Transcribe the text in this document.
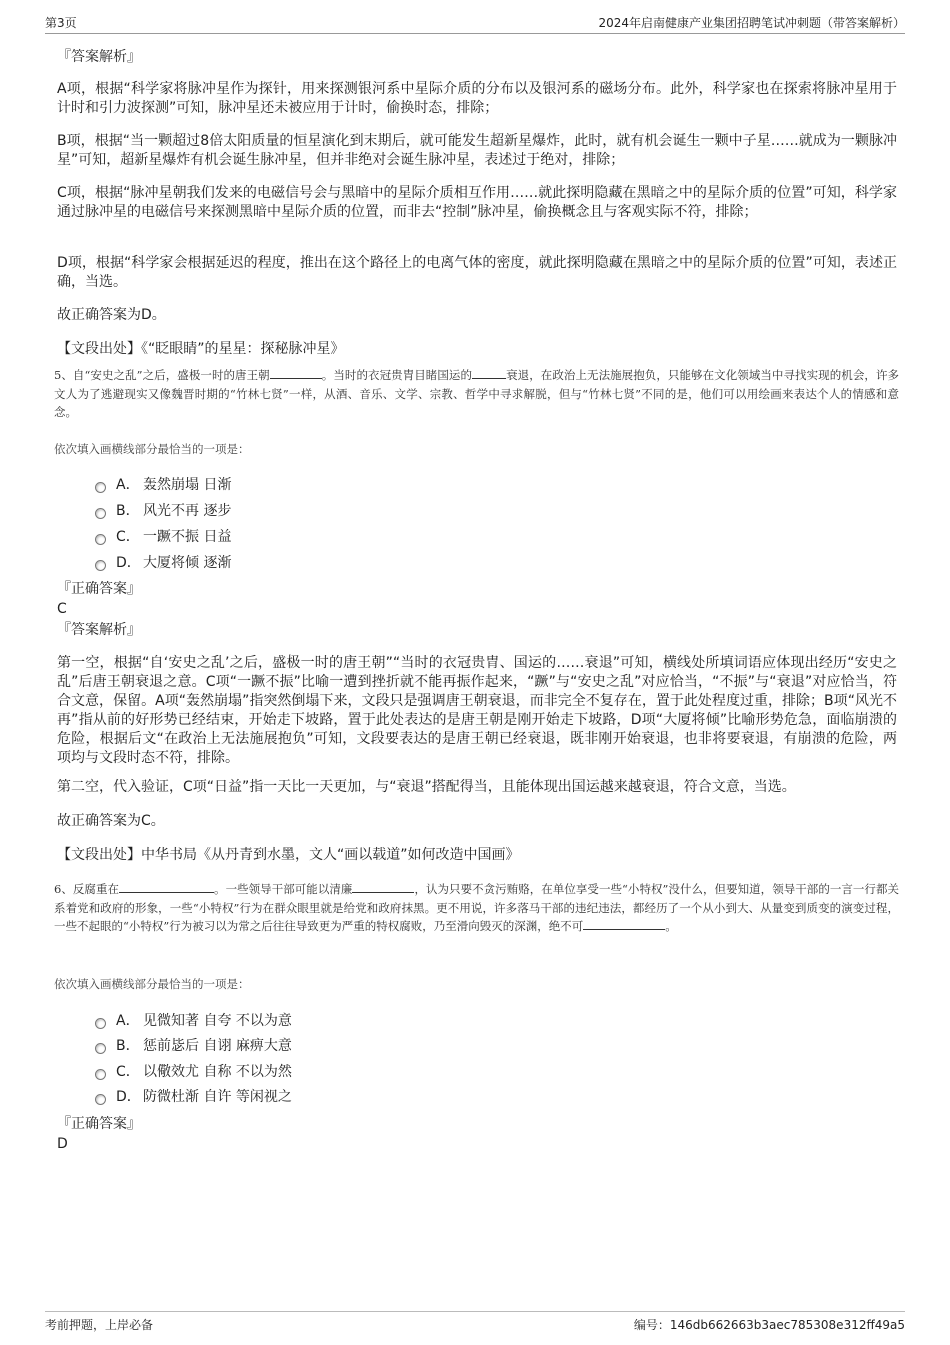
第3页	2024年启南健康产业集团招聘笔试冲刺题（带答案解析）
『答案解析』
A项，根据“科学家将脉冲星作为探针，用来探测银河系中星际介质的分布以及银河系的磁场分布。此外，科学家也在探索将脉冲星用于计时和引力波探测”可知，脉冲星还未被应用于计时，偷换时态，排除；
B项，根据“当一颗超过8倍太阳质量的恒星演化到末期后，就可能发生超新星爆炸，此时，就有机会诞生一颗中子星……就成为一颗脉冲星”可知，超新星爆炸有机会诞生脉冲星，但并非绝对会诞生脉冲星，表述过于绝对，排除；
C项，根据“脉冲星朝我们发来的电磁信号会与黑暗中的星际介质相互作用……就此探明隐藏在黑暗之中的星际介质的位置”可知，科学家通过脉冲星的电磁信号来探测黑暗中星际介质的位置，而非去“控制”脉冲星，偷换概念且与客观实际不符，排除；
D项，根据“科学家会根据延迟的程度，推出在这个路径上的电离气体的密度，就此探明隐藏在黑暗之中的星际介质的位置”可知，表述正确，当选。
故正确答案为D。
【文段出处】《“眨眼睛”的星星：探秘脉冲星》
5、自“安史之乱”之后，盛极一时的唐王朝	。当时的衣冠贵胄目睹国运的	衰退，在政治上无法施展抱负，只能够在文化领域当中寻找实现的机会，许多文人为了逃避现实又像魏晋时期的“竹林七贤”一样，从酒、音乐、文学、宗教、哲学中寻求解脱，但与“竹林七贤”不同的是，他们可以用绘画来表达个人的情感和意念。
依次填入画横线部分最恰当的一项是：
A． 轰然崩塌 日渐
B． 风光不再 逐步
C． 一蹶不振 日益
D． 大厦将倾 逐渐
『正确答案』
C
『答案解析』
第一空，根据“自‘安史之乱’之后，盛极一时的唐王朝”“当时的衣冠贵胄、国运的……衰退”可知，横线处所填词语应体现出经历“安史之乱”后唐王朝衰退之意。C项“一蹶不振”比喻一遭到挫折就不能再振作起来，“蹶”与“安史之乱”对应恰当，“不振”与“衰退”对应恰当，符合文意，保留。A项“轰然崩塌”指突然倒塌下来，文段只是强调唐王朝衰退，而非完全不复存在，置于此处程度过重，排除；B项“风光不再”指从前的好形势已经结束，开始走下坡路，置于此处表达的是唐王朝是刚开始走下坡路，D项“大厦将倾”比喻形势危急，面临崩溃的危险，根据后文“在政治上无法施展抱负”可知，文段要表达的是唐王朝已经衰退，既非刚开始衰退，也非将要衰退，有崩溃的危险，两项均与文段时态不符，排除。
第二空，代入验证，C项“日益”指一天比一天更加，与“衰退”搭配得当，且能体现出国运越来越衰退，符合文意，当选。
故正确答案为C。
【文段出处】中华书局《从丹青到水墨，文人“画以载道”如何改造中国画》
6、反腐重在	。一些领导干部可能以清廉	，认为只要不贪污贿赂，在单位享受一些“小特权”没什么，但要知道，领导干部的一言一行都关系着党和政府的形象，一些“小特权”行为在群众眼里就是给党和政府抹黑。更不用说，许多落马干部的违纪违法，都经历了一个从小到大、从量变到质变的演变过程，一些不起眼的“小特权”行为被习以为常之后往往导致更为严重的特权腐败，乃至滑向毁灭的深渊，绝不可	。
依次填入画横线部分最恰当的一项是：
A． 见微知著 自夸 不以为意
B． 惩前毖后 自诩 麻痹大意
C． 以儆效尤 自称 不以为然
D． 防微杜渐 自许 等闲视之
『正确答案』
D
考前押题，上岸必备	编号：146db662663b3aec785308e312ff49a5
